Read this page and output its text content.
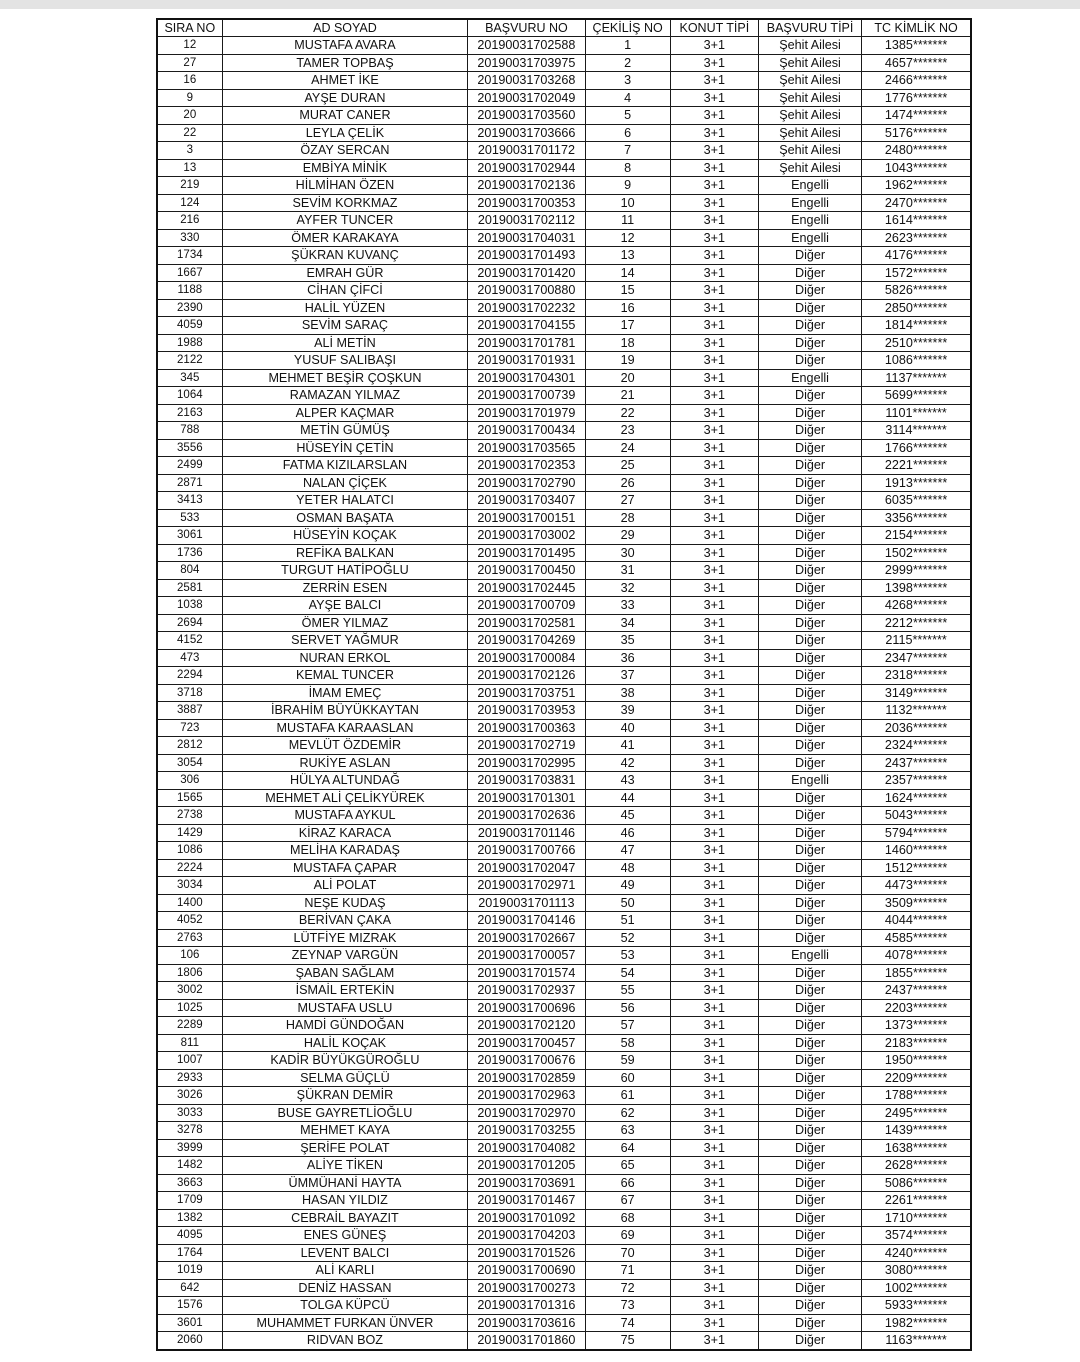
SIRA NO	AD SOYAD	BAŞVURU NO	ÇEKİLİŞ NO	KONUT TİPİ	BAŞVURU TİPİ	TC KİMLİK NO
12	MUSTAFA AVARA	20190031702588	1	3+1	Şehit Ailesi	1385*******
27	TAMER TOPBAŞ	20190031703975	2	3+1	Şehit Ailesi	4657*******
16	AHMET İKE	20190031703268	3	3+1	Şehit Ailesi	2466*******
9	AYŞE DURAN	20190031702049	4	3+1	Şehit Ailesi	1776*******
20	MURAT CANER	20190031703560	5	3+1	Şehit Ailesi	1474*******
22	LEYLA ÇELİK	20190031703666	6	3+1	Şehit Ailesi	5176*******
3	ÖZAY SERCAN	20190031701172	7	3+1	Şehit Ailesi	2480*******
13	EMBİYA MİNİK	20190031702944	8	3+1	Şehit Ailesi	1043*******
219	HİLMİHAN ÖZEN	20190031702136	9	3+1	Engelli	1962*******
124	SEVİM KORKMAZ	20190031700353	10	3+1	Engelli	2470*******
216	AYFER TUNCER	20190031702112	11	3+1	Engelli	1614*******
330	ÖMER KARAKAYA	20190031704031	12	3+1	Engelli	2623*******
1734	ŞÜKRAN KUVANÇ	20190031701493	13	3+1	Diğer	4176*******
1667	EMRAH GÜR	20190031701420	14	3+1	Diğer	1572*******
1188	CİHAN ÇİFCİ	20190031700880	15	3+1	Diğer	5826*******
2390	HALİL YÜZEN	20190031702232	16	3+1	Diğer	2850*******
4059	SEVİM SARAÇ	20190031704155	17	3+1	Diğer	1814*******
1988	ALİ METİN	20190031701781	18	3+1	Diğer	2510*******
2122	YUSUF SALIBAŞI	20190031701931	19	3+1	Diğer	1086*******
345	MEHMET BEŞİR ÇOŞKUN	20190031704301	20	3+1	Engelli	1137*******
1064	RAMAZAN YILMAZ	20190031700739	21	3+1	Diğer	5699*******
2163	ALPER KAÇMAR	20190031701979	22	3+1	Diğer	1101*******
788	METİN GÜMÜŞ	20190031700434	23	3+1	Diğer	3114*******
3556	HÜSEYİN ÇETİN	20190031703565	24	3+1	Diğer	1766*******
2499	FATMA KIZILARSLAN	20190031702353	25	3+1	Diğer	2221*******
2871	NALAN ÇİÇEK	20190031702790	26	3+1	Diğer	1913*******
3413	YETER HALATCI	20190031703407	27	3+1	Diğer	6035*******
533	OSMAN BAŞATA	20190031700151	28	3+1	Diğer	3356*******
3061	HÜSEYİN KOÇAK	20190031703002	29	3+1	Diğer	2154*******
1736	REFİKA BALKAN	20190031701495	30	3+1	Diğer	1502*******
804	TURGUT HATİPOĞLU	20190031700450	31	3+1	Diğer	2999*******
2581	ZERRİN ESEN	20190031702445	32	3+1	Diğer	1398*******
1038	AYŞE BALCI	20190031700709	33	3+1	Diğer	4268*******
2694	ÖMER YILMAZ	20190031702581	34	3+1	Diğer	2212*******
4152	SERVET YAĞMUR	20190031704269	35	3+1	Diğer	2115*******
473	NURAN ERKOL	20190031700084	36	3+1	Diğer	2347*******
2294	KEMAL TUNCER	20190031702126	37	3+1	Diğer	2318*******
3718	İMAM EMEÇ	20190031703751	38	3+1	Diğer	3149*******
3887	İBRAHİM BÜYÜKKAYTAN	20190031703953	39	3+1	Diğer	1132*******
723	MUSTAFA KARAASLAN	20190031700363	40	3+1	Diğer	2036*******
2812	MEVLÜT ÖZDEMİR	20190031702719	41	3+1	Diğer	2324*******
3054	RUKİYE ASLAN	20190031702995	42	3+1	Diğer	2437*******
306	HÜLYA ALTUNDAĞ	20190031703831	43	3+1	Engelli	2357*******
1565	MEHMET ALİ ÇELİKYÜREK	20190031701301	44	3+1	Diğer	1624*******
2738	MUSTAFA AYKUL	20190031702636	45	3+1	Diğer	5043*******
1429	KİRAZ KARACA	20190031701146	46	3+1	Diğer	5794*******
1086	MELİHA KARADAŞ	20190031700766	47	3+1	Diğer	1460*******
2224	MUSTAFA ÇAPAR	20190031702047	48	3+1	Diğer	1512*******
3034	ALİ POLAT	20190031702971	49	3+1	Diğer	4473*******
1400	NEŞE KUDAŞ	20190031701113	50	3+1	Diğer	3509*******
4052	BERİVAN ÇAKA	20190031704146	51	3+1	Diğer	4044*******
2763	LÜTFİYE MIZRAK	20190031702667	52	3+1	Diğer	4585*******
106	ZEYNAP VARGÜN	20190031700057	53	3+1	Engelli	4078*******
1806	ŞABAN SAĞLAM	20190031701574	54	3+1	Diğer	1855*******
3002	İSMAİL ERTEKİN	20190031702937	55	3+1	Diğer	2437*******
1025	MUSTAFA USLU	20190031700696	56	3+1	Diğer	2203*******
2289	HAMDİ GÜNDOĞAN	20190031702120	57	3+1	Diğer	1373*******
811	HALİL KOÇAK	20190031700457	58	3+1	Diğer	2183*******
1007	KADİR BÜYÜKGÜROĞLU	20190031700676	59	3+1	Diğer	1950*******
2933	SELMA GÜÇLÜ	20190031702859	60	3+1	Diğer	2209*******
3026	ŞÜKRAN DEMİR	20190031702963	61	3+1	Diğer	1788*******
3033	BUSE GAYRETLİOĞLU	20190031702970	62	3+1	Diğer	2495*******
3278	MEHMET KAYA	20190031703255	63	3+1	Diğer	1439*******
3999	ŞERİFE POLAT	20190031704082	64	3+1	Diğer	1638*******
1482	ALİYE TİKEN	20190031701205	65	3+1	Diğer	2628*******
3663	ÜMMÜHANİ HAYTA	20190031703691	66	3+1	Diğer	5086*******
1709	HASAN YILDIZ	20190031701467	67	3+1	Diğer	2261*******
1382	CEBRAİL BAYAZIT	20190031701092	68	3+1	Diğer	1710*******
4095	ENES GÜNEŞ	20190031704203	69	3+1	Diğer	3574*******
1764	LEVENT BALCI	20190031701526	70	3+1	Diğer	4240*******
1019	ALİ KARLI	20190031700690	71	3+1	Diğer	3080*******
642	DENİZ HASSAN	20190031700273	72	3+1	Diğer	1002*******
1576	TOLGA KÜPCÜ	20190031701316	73	3+1	Diğer	5933*******
3601	MUHAMMET FURKAN ÜNVER	20190031703616	74	3+1	Diğer	1982*******
2060	RIDVAN BOZ	20190031701860	75	3+1	Diğer	1163*******
